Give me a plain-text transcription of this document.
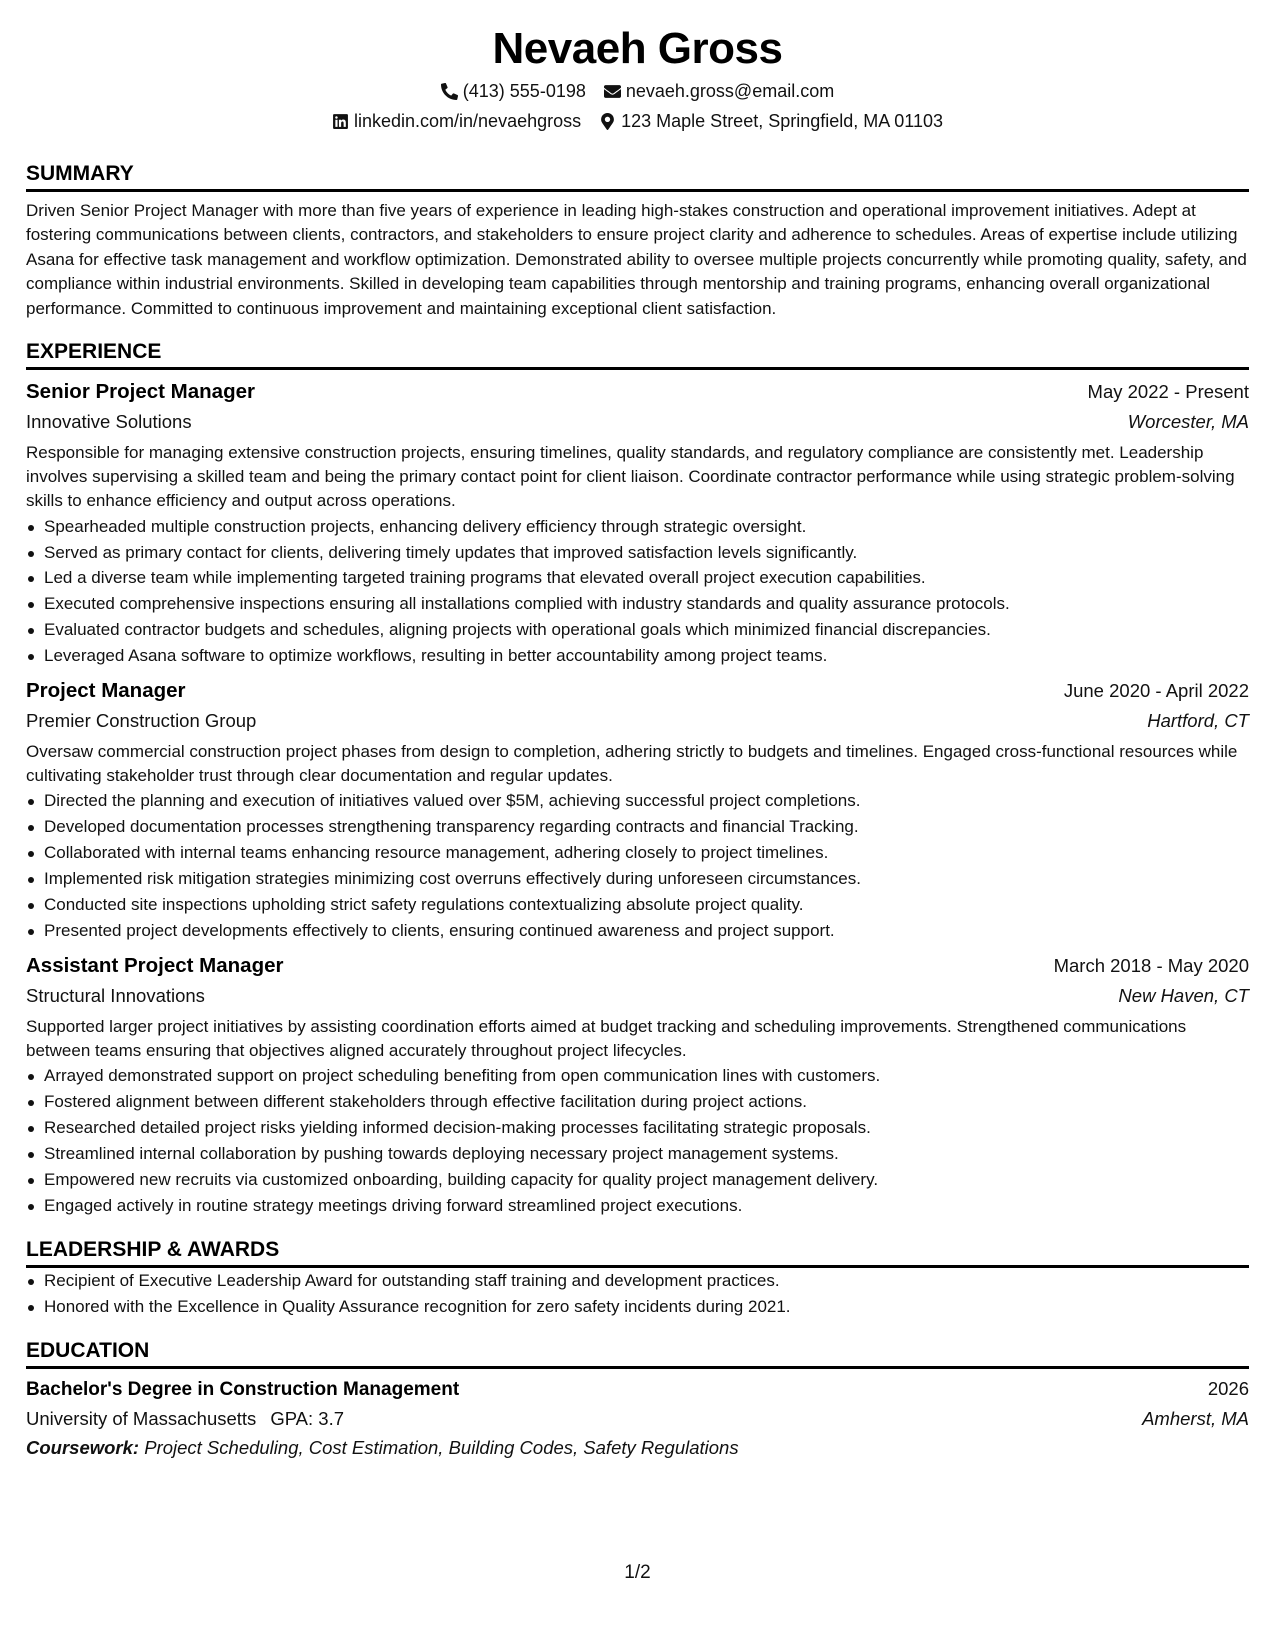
Nevaeh Gross
(413) 555-0198 nevaeh.gross@email.com
linkedin.com/in/nevaehgross 123 Maple Street, Springfield, MA 01103
SUMMARY

Driven Senior Project Manager with more than five years of experience in leading high-stakes construction and operational improvement initiatives. Adept at fostering communications between clients, contractors, and stakeholders to ensure project clarity and adherence to schedules. Areas of expertise include utilizing Asana for effective task management and workflow optimization. Demonstrated ability to oversee multiple projects concurrently while promoting quality, safety, and compliance within industrial environments. Skilled in developing team capabilities through mentorship and training programs, enhancing overall organizational performance. Committed to continuous improvement and maintaining exceptional client satisfaction.

EXPERIENCE
Senior Project Manager	May 2022 - Present
Innovative Solutions	Worcester, MA

Responsible for managing extensive construction projects, ensuring timelines, quality standards, and regulatory compliance are consistently met. Leadership involves supervising a skilled team and being the primary contact point for client liaison. Coordinate contractor performance while using strategic problem-solving skills to enhance efficiency and output across operations.

Spearheaded multiple construction projects, enhancing delivery efficiency through strategic oversight.
Served as primary contact for clients, delivering timely updates that improved satisfaction levels significantly.
Led a diverse team while implementing targeted training programs that elevated overall project execution capabilities.
Executed comprehensive inspections ensuring all installations complied with industry standards and quality assurance protocols.
Evaluated contractor budgets and schedules, aligning projects with operational goals which minimized financial discrepancies.
Leveraged Asana software to optimize workflows, resulting in better accountability among project teams.
Project Manager	June 2020 - April 2022
Premier Construction Group	Hartford, CT

Oversaw commercial construction project phases from design to completion, adhering strictly to budgets and timelines. Engaged cross-functional resources while cultivating stakeholder trust through clear documentation and regular updates.

Directed the planning and execution of initiatives valued over $5M, achieving successful project completions.
Developed documentation processes strengthening transparency regarding contracts and financial Tracking.
Collaborated with internal teams enhancing resource management, adhering closely to project timelines.
Implemented risk mitigation strategies minimizing cost overruns effectively during unforeseen circumstances.
Conducted site inspections upholding strict safety regulations contextualizing absolute project quality.
Presented project developments effectively to clients, ensuring continued awareness and project support.
Assistant Project Manager	March 2018 - May 2020
Structural Innovations	New Haven, CT

Supported larger project initiatives by assisting coordination efforts aimed at budget tracking and scheduling improvements. Strengthened communications between teams ensuring that objectives aligned accurately throughout project lifecycles.

Arrayed demonstrated support on project scheduling benefiting from open communication lines with customers.
Fostered alignment between different stakeholders through effective facilitation during project actions.
Researched detailed project risks yielding informed decision-making processes facilitating strategic proposals.
Streamlined internal collaboration by pushing towards deploying necessary project management systems.
Empowered new recruits via customized onboarding, building capacity for quality project management delivery.
Engaged actively in routine strategy meetings driving forward streamlined project executions.
LEADERSHIP & AWARDS
Recipient of Executive Leadership Award for outstanding staff training and development practices.
Honored with the Excellence in Quality Assurance recognition for zero safety incidents during 2021.
EDUCATION
Bachelor's Degree in Construction Management	2026
University of Massachusetts GPA: 3.7	Amherst, MA
Coursework: Project Scheduling, Cost Estimation, Building Codes, Safety Regulations
1/2
